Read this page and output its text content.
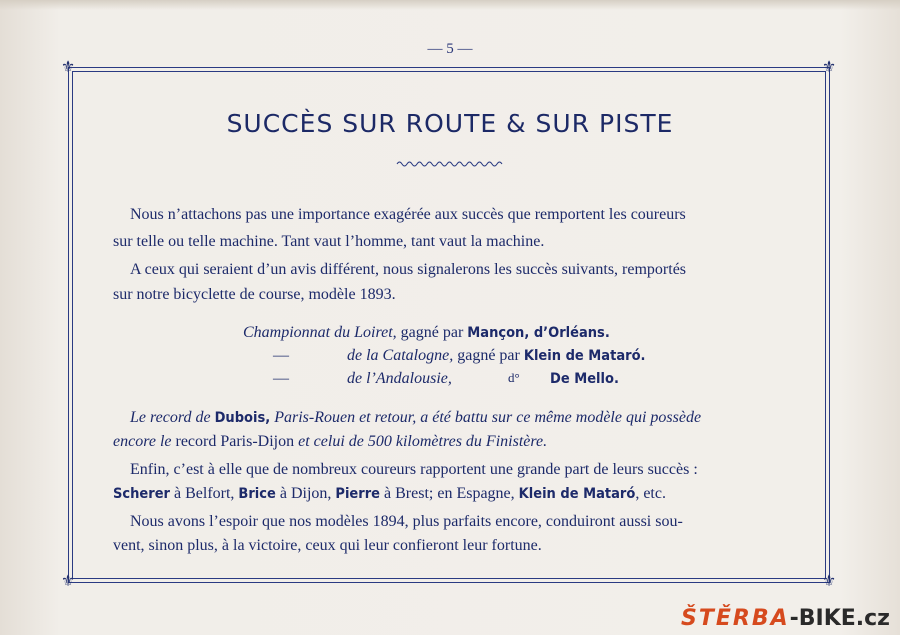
— 5 —
⚜	⚜
⚜	⚜
SUCCÈS SUR ROUTE & SUR PISTE
Nous n’attachons pas une importance exagérée aux succès que remportent les coureurs
sur telle ou telle machine. Tant vaut l’homme, tant vaut la machine.
A ceux qui seraient d’un avis différent, nous signalerons les succès suivants, remportés
sur notre bicyclette de course, modèle 1893.
Championnat du Loiret, gagné par Mançon, d’Orléans.
—	de la Catalogne, gagné par Klein de Mataró.
—	de l’Andalousie,	d° De Mello.
Le record de Dubois, Paris-Rouen et retour, a été battu sur ce même modèle qui possède
encore le record Paris-Dijon et celui de 500 kilomètres du Finistère.
Enfin, c’est à elle que de nombreux coureurs rapportent une grande part de leurs succès :
Scherer à Belfort, Brice à Dijon, Pierre à Brest; en Espagne, Klein de Mataró, etc.
Nous avons l’espoir que nos modèles 1894, plus parfaits encore, conduiront aussi sou-
vent, sinon plus, à la victoire, ceux qui leur confieront leur fortune.
ŠTĚRBA-BIKE.cz
